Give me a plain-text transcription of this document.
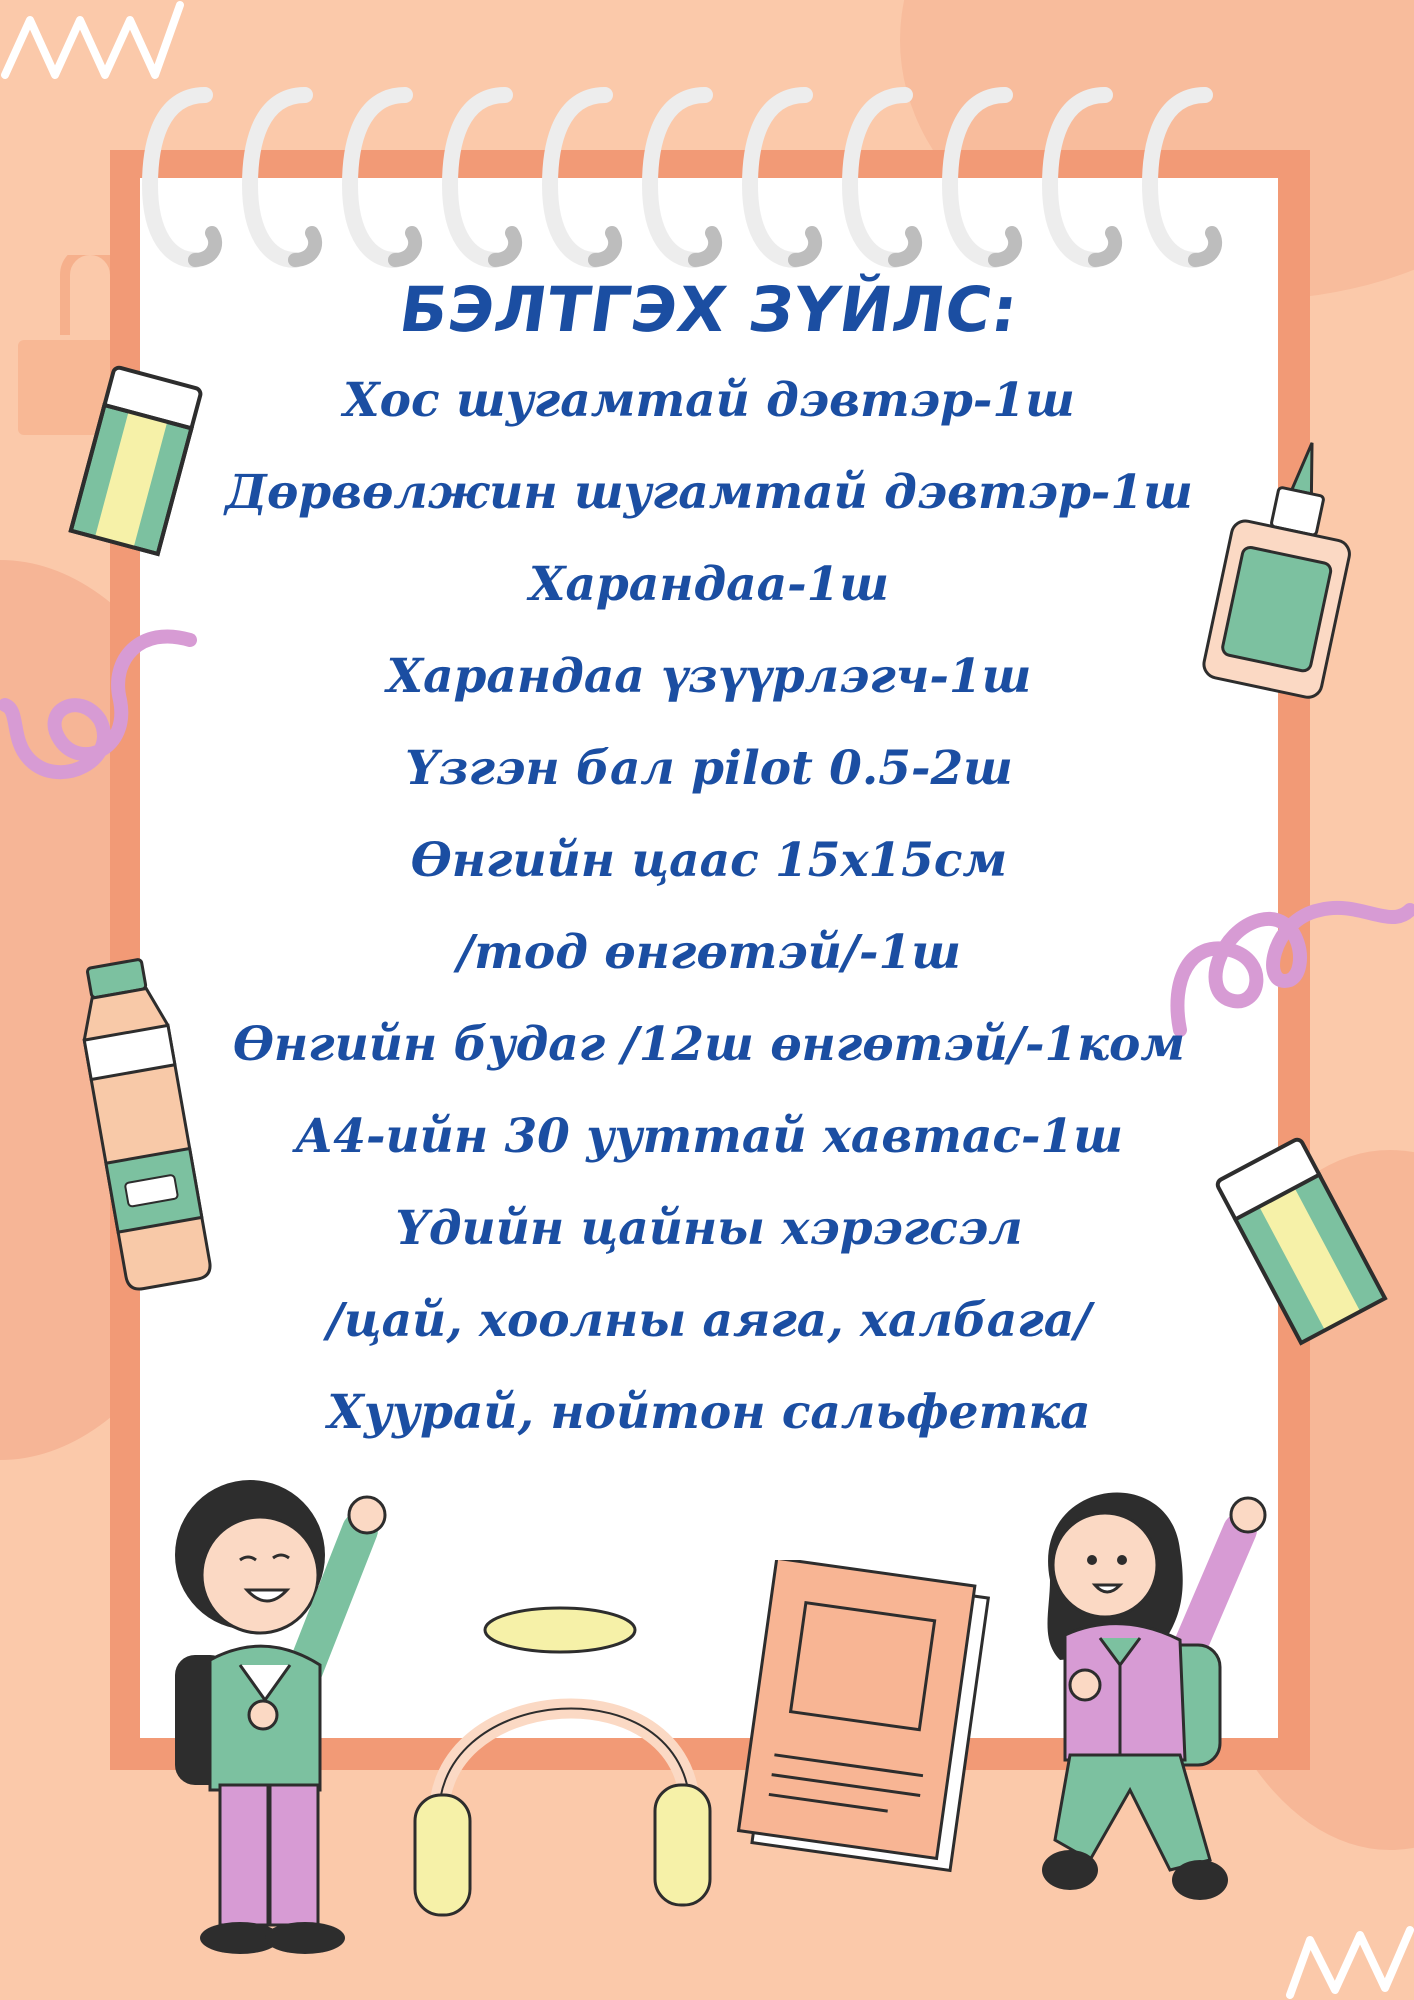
БЭЛТГЭХ ЗҮЙЛС:
Хос шугамтай дэвтэр-1ш
Дөрвөлжин шугамтай дэвтэр-1ш
Харандаа-1ш
Харандаа үзүүрлэгч-1ш
Үзгэн бал pilot 0.5-2ш
Өнгийн цаас 15x15см
/тод өнгөтэй/-1ш
Өнгийн будаг /12ш өнгөтэй/-1ком
А4-ийн 30 ууттай хавтас-1ш
Үдийн цайны хэрэгсэл
/цай, хоолны аяга, халбага/
Хуурай, нойтон сальфетка
